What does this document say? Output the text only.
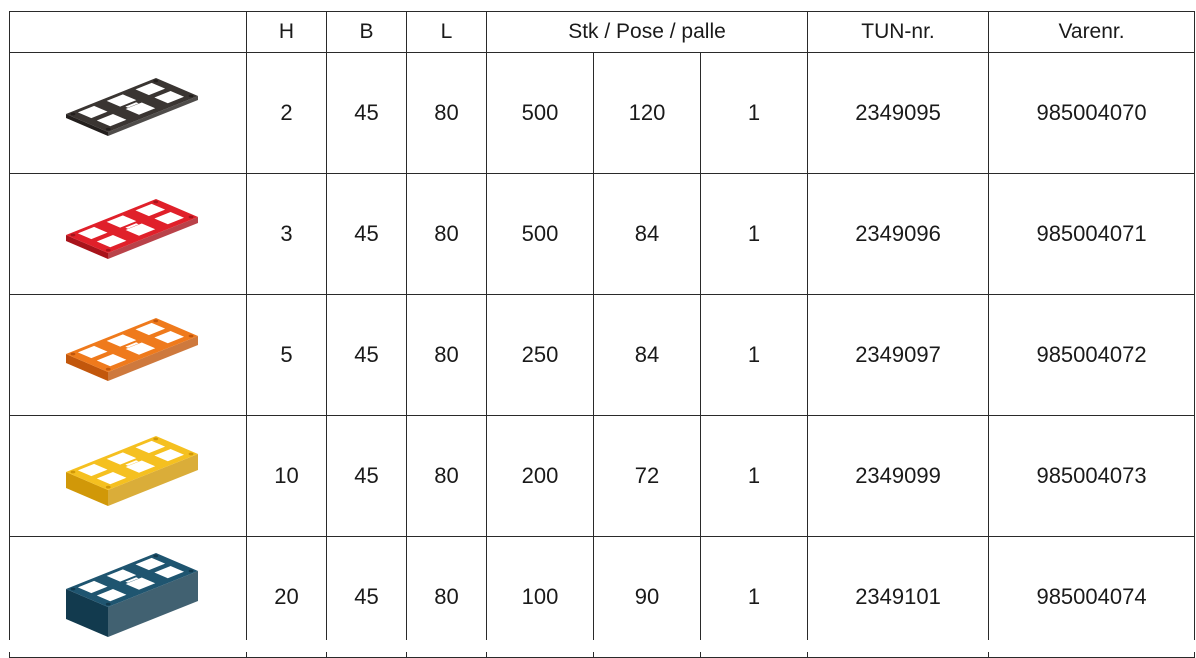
	H	B	L	Stk / Pose / palle			TUN-nr.	Varenr.

	2	45	80	500	120	1	2349095	985004070

	3	45	80	500	84	1	2349096	985004071

	5	45	80	250	84	1	2349097	985004072

	10	45	80	200	72	1	2349099	985004073

	20	45	80	100	90	1	2349101	985004074
